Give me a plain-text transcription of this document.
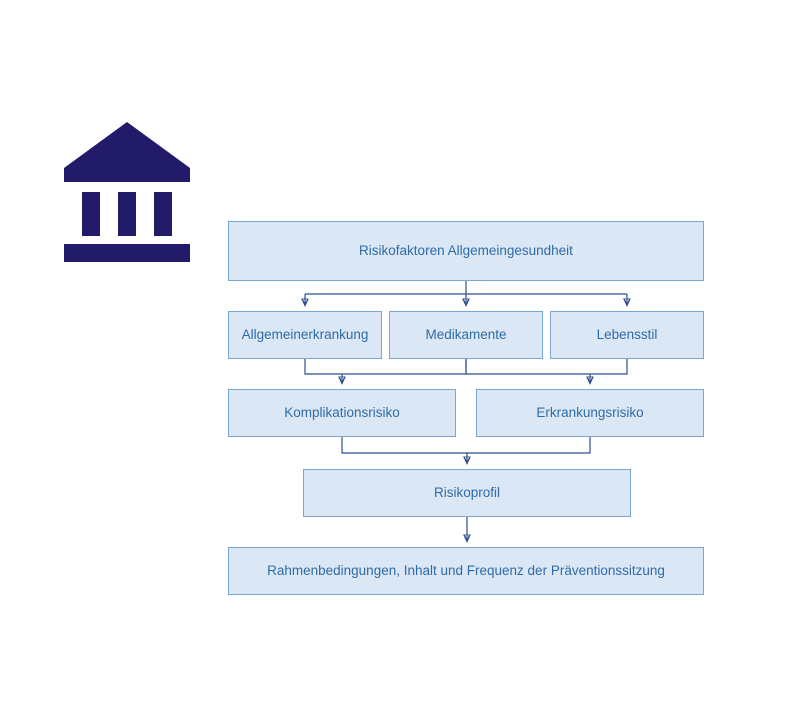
Risikofaktoren Allgemeingesundheit
Allgemeinerkrankung	Medikamente	Lebensstil
Komplikationsrisiko	Erkrankungsrisiko
Risikoprofil
Rahmenbedingungen, Inhalt und Frequenz der Präventionssitzung
